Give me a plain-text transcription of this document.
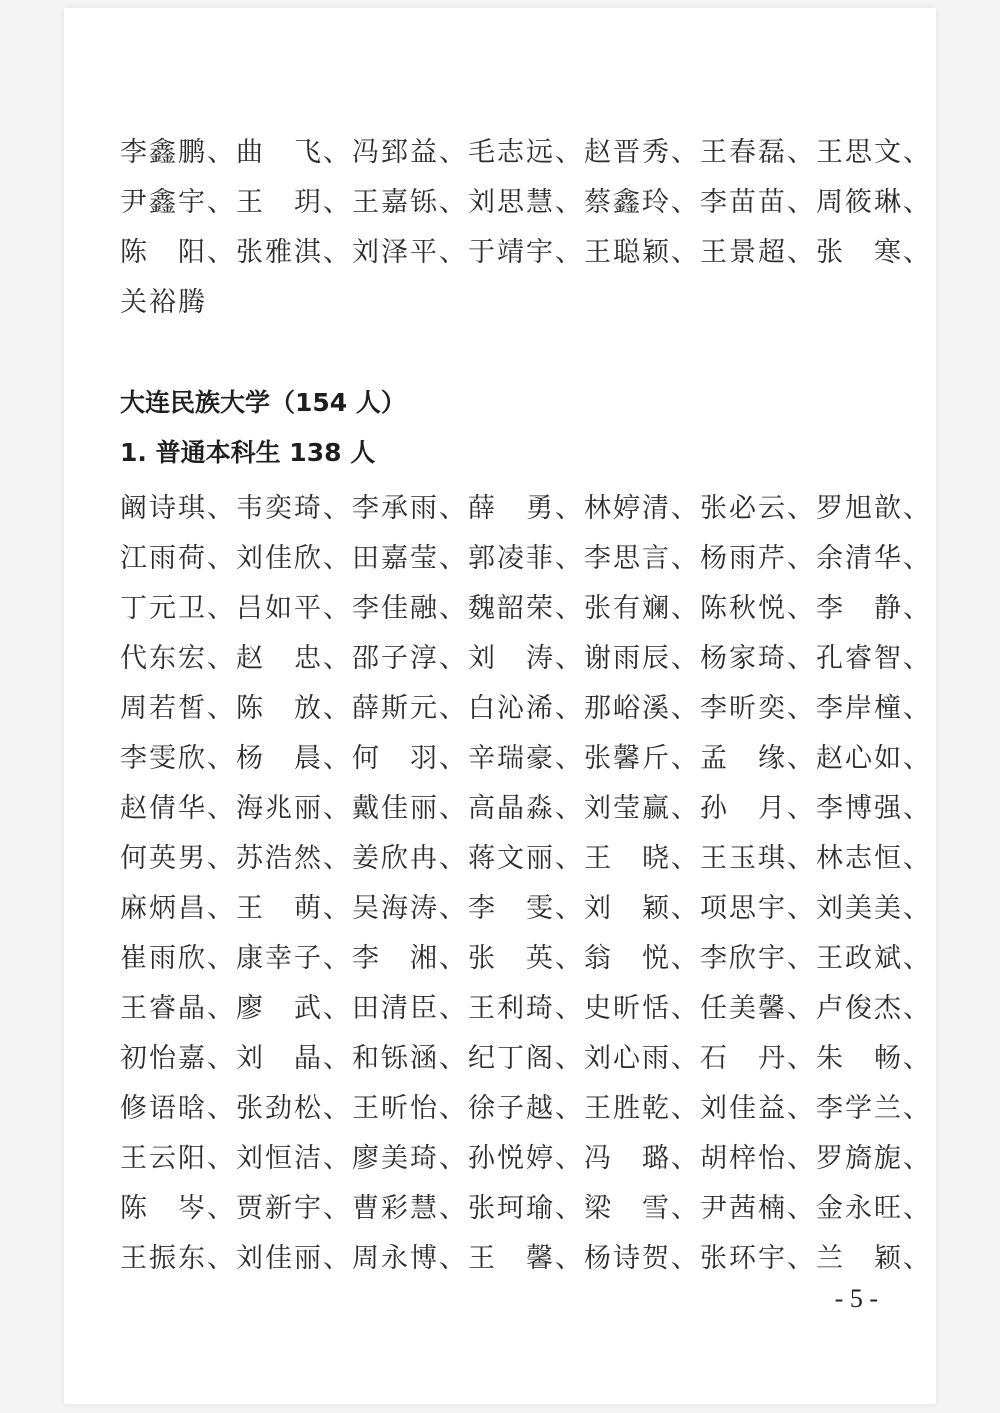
李鑫鹏、曲　飞、冯郅益、毛志远、赵晋秀、王春磊、王思文、
尹鑫宇、王　玥、王嘉铄、刘思慧、蔡鑫玲、李苗苗、周筱琳、
陈　阳、张雅淇、刘泽平、于靖宇、王聪颖、王景超、张　寒、
关裕腾
大连民族大学（154 人）
1. 普通本科生 138 人
阚诗琪、韦奕琦、李承雨、薛　勇、林婷清、张必云、罗旭歆、
江雨荷、刘佳欣、田嘉莹、郭凌菲、李思言、杨雨芹、余清华、
丁元卫、吕如平、李佳融、魏韶荣、张有斓、陈秋悦、李　静、
代东宏、赵　忠、邵子淳、刘　涛、谢雨辰、杨家琦、孔睿智、
周若皙、陈　放、薛斯元、白沁浠、那峪溪、李昕奕、李岸橦、
李雯欣、杨　晨、何　羽、辛瑞豪、张馨斤、孟　缘、赵心如、
赵倩华、海兆丽、戴佳丽、高晶淼、刘莹赢、孙　月、李博强、
何英男、苏浩然、姜欣冉、蒋文丽、王　晓、王玉琪、林志恒、
麻炳昌、王　萌、吴海涛、李　雯、刘　颖、项思宇、刘美美、
崔雨欣、康幸子、李　湘、张　英、翁　悦、李欣宇、王政斌、
王睿晶、廖　武、田清臣、王利琦、史昕恬、任美馨、卢俊杰、
初怡嘉、刘　晶、和铄涵、纪丁阁、刘心雨、石　丹、朱　畅、
修语晗、张劲松、王昕怡、徐子越、王胜乾、刘佳益、李学兰、
王云阳、刘恒洁、廖美琦、孙悦婷、冯　璐、胡梓怡、罗旖旎、
陈　岑、贾新宇、曹彩慧、张珂瑜、梁　雪、尹茜楠、金永旺、
王振东、刘佳丽、周永博、王　馨、杨诗贺、张环宇、兰　颖、
- 5 -
